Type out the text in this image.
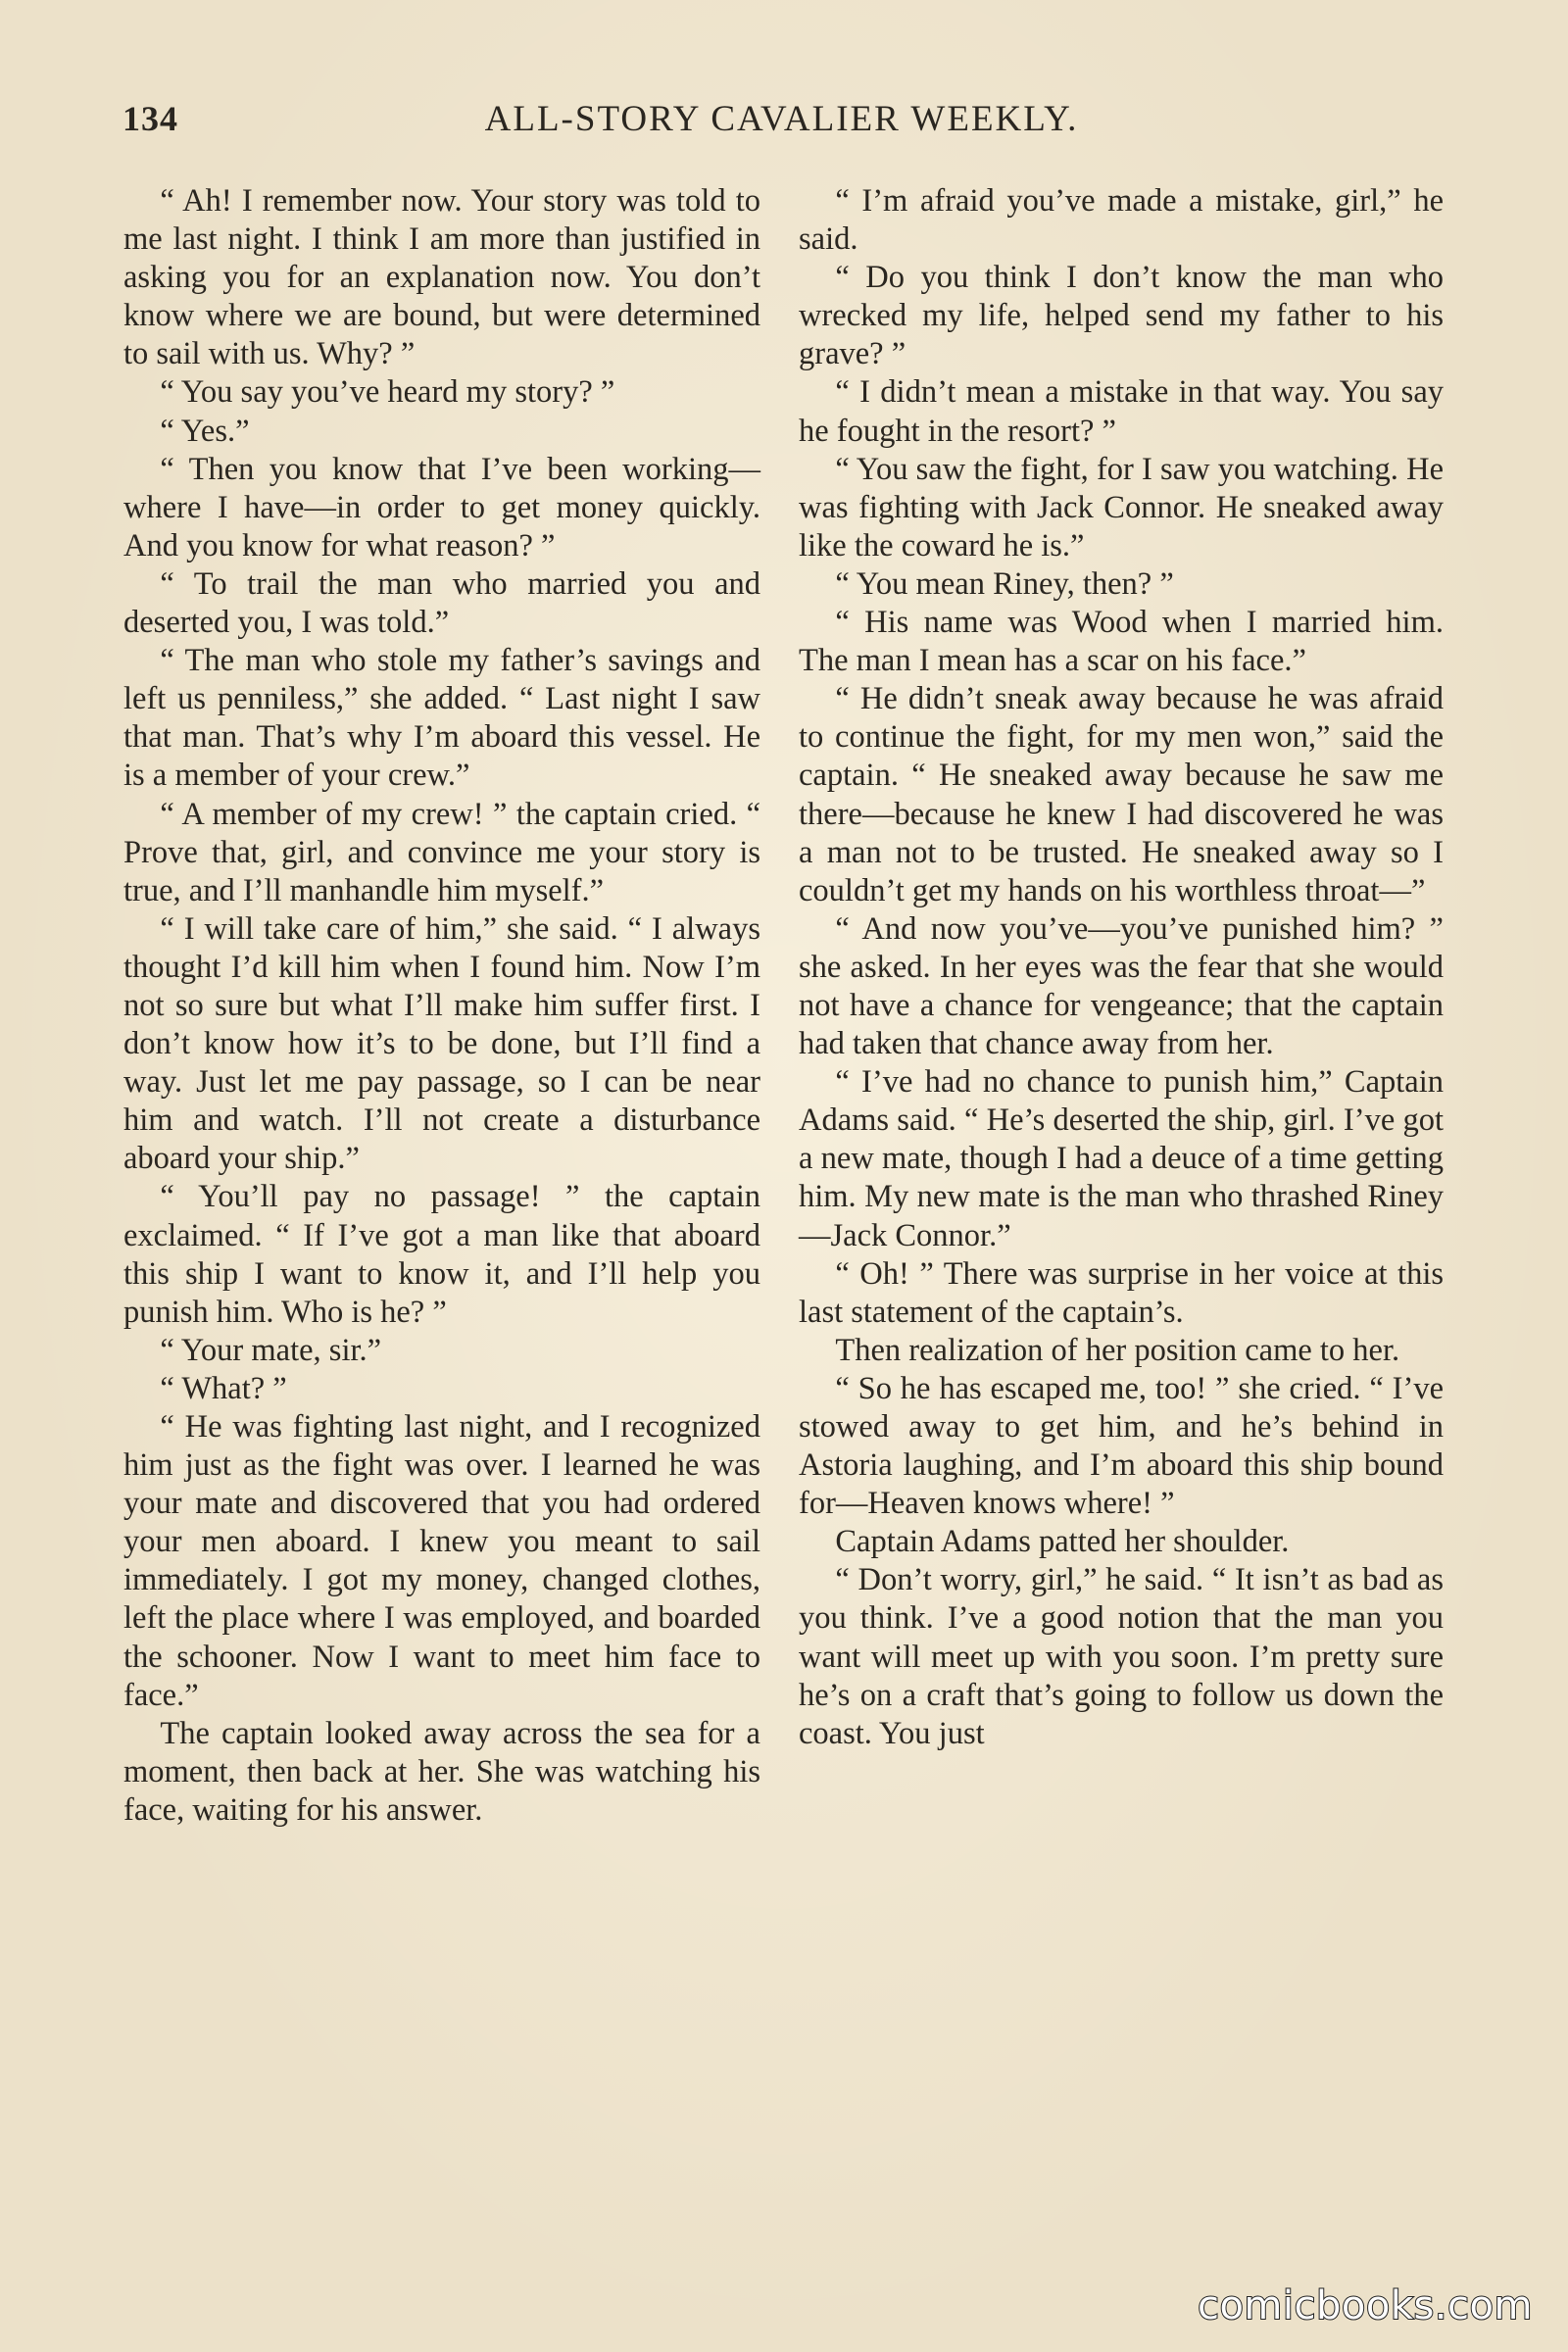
134	ALL-STORY CAVALIER WEEKLY.

“ Ah! I remember now. Your story was told to me last night. I think I am more than justified in asking you for an explanation now. You don’t know where we are bound, but were determined to sail with us. Why? ”

“ You say you’ve heard my story? ”

“ Yes.”

“ Then you know that I’ve been working—where I have—in order to get money quickly. And you know for what reason? ”

“ To trail the man who married you and deserted you, I was told.”

“ The man who stole my father’s savings and left us penniless,” she added. “ Last night I saw that man. That’s why I’m aboard this vessel. He is a member of your crew.”

“ A member of my crew! ” the captain cried. “ Prove that, girl, and convince me your story is true, and I’ll manhandle him myself.”

“ I will take care of him,” she said. “ I always thought I’d kill him when I found him. Now I’m not so sure but what I’ll make him suffer first. I don’t know how it’s to be done, but I’ll find a way. Just let me pay passage, so I can be near him and watch. I’ll not create a disturbance aboard your ship.”

“ You’ll pay no passage! ” the captain exclaimed. “ If I’ve got a man like that aboard this ship I want to know it, and I’ll help you punish him. Who is he? ”

“ Your mate, sir.”

“ What? ”

“ He was fighting last night, and I recognized him just as the fight was over. I learned he was your mate and discovered that you had ordered your men aboard. I knew you meant to sail immediately. I got my money, changed clothes, left the place where I was employed, and boarded the schooner. Now I want to meet him face to face.”

The captain looked away across the sea for a moment, then back at her. She was watching his face, waiting for his answer.

“ I’m afraid you’ve made a mistake, girl,” he said.

“ Do you think I don’t know the man who wrecked my life, helped send my father to his grave? ”

“ I didn’t mean a mistake in that way. You say he fought in the resort? ”

“ You saw the fight, for I saw you watching. He was fighting with Jack Connor. He sneaked away like the coward he is.”

“ You mean Riney, then? ”

“ His name was Wood when I married him. The man I mean has a scar on his face.”

“ He didn’t sneak away because he was afraid to continue the fight, for my men won,” said the captain. “ He sneaked away because he saw me there—because he knew I had discovered he was a man not to be trusted. He sneaked away so I couldn’t get my hands on his worthless throat—”

“ And now you’ve—you’ve punished him? ” she asked. In her eyes was the fear that she would not have a chance for vengeance; that the captain had taken that chance away from her.

“ I’ve had no chance to punish him,” Captain Adams said. “ He’s deserted the ship, girl. I’ve got a new mate, though I had a deuce of a time getting him. My new mate is the man who thrashed Riney—Jack Connor.”

“ Oh! ” There was surprise in her voice at this last statement of the captain’s.

Then realization of her position came to her.

“ So he has escaped me, too! ” she cried. “ I’ve stowed away to get him, and he’s behind in Astoria laughing, and I’m aboard this ship bound for—Heaven knows where! ”

Captain Adams patted her shoulder.

“ Don’t worry, girl,” he said. “ It isn’t as bad as you think. I’ve a good notion that the man you want will meet up with you soon. I’m pretty sure he’s on a craft that’s going to follow us down the coast. You just

comicbooks.com
